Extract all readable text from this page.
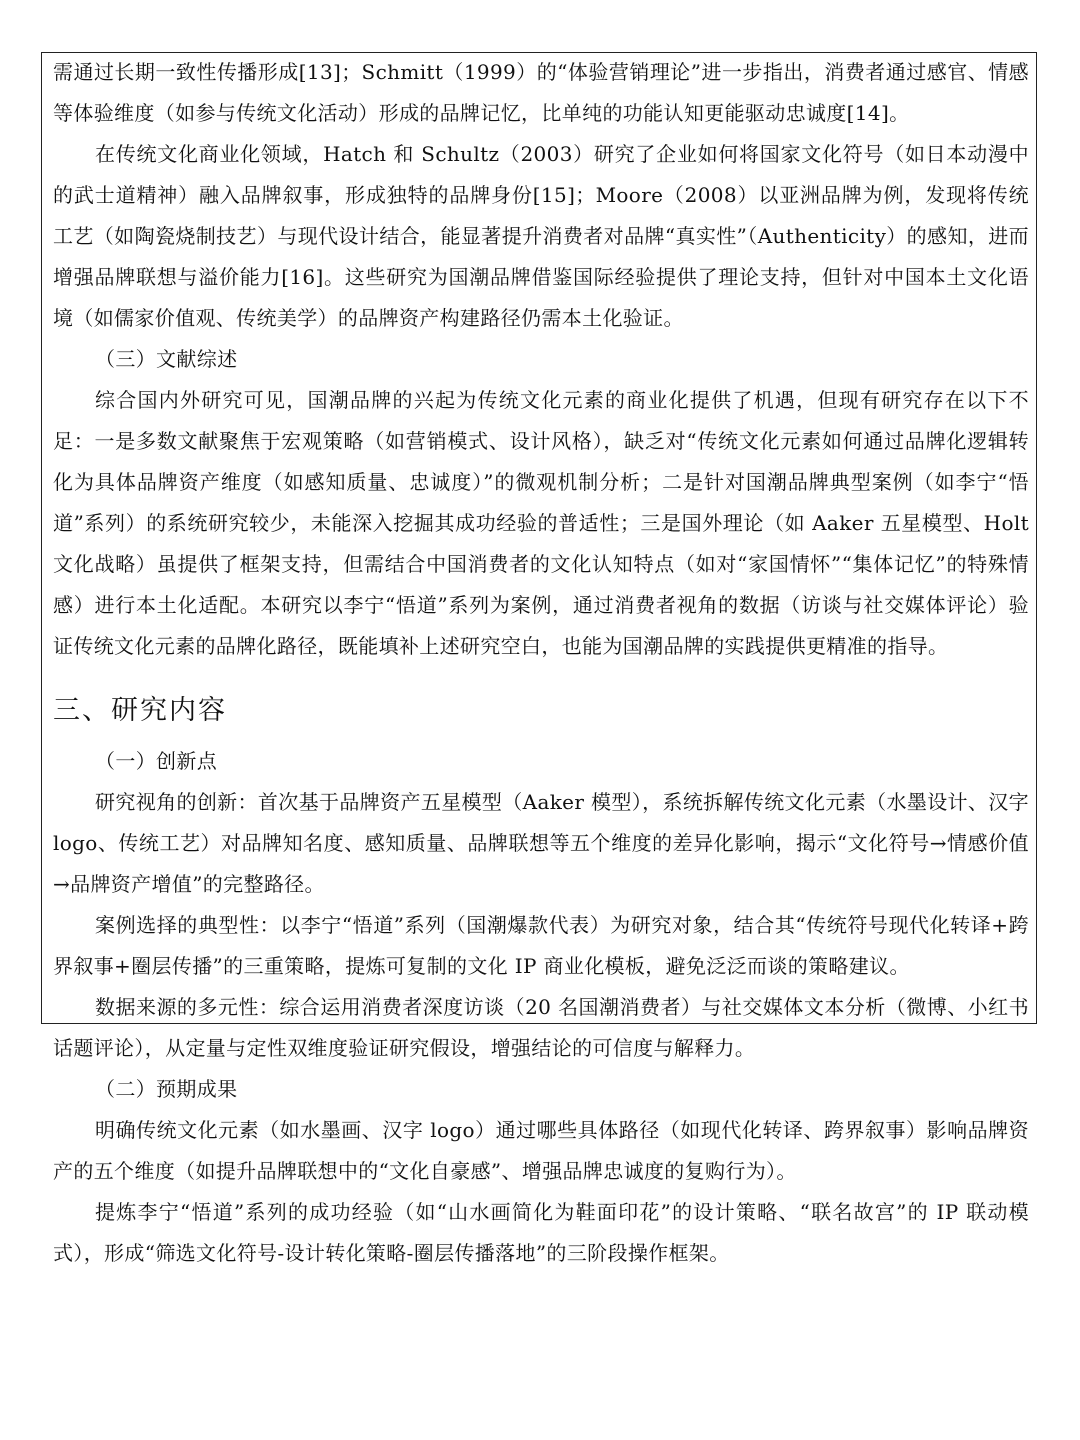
需通过长期一致性传播形成[13]；Schmitt（1999）的“体验营销理论”进一步指出，消费者通过感官、情感等体验维度（如参与传统文化活动）形成的品牌记忆，比单纯的功能认知更能驱动忠诚度[14]。

在传统文化商业化领域，Hatch 和 Schultz（2003）研究了企业如何将国家文化符号（如日本动漫中的武士道精神）融入品牌叙事，形成独特的品牌身份[15]；Moore（2008）以亚洲品牌为例，发现将传统工艺（如陶瓷烧制技艺）与现代设计结合，能显著提升消费者对品牌“真实性”（Authenticity）的感知，进而增强品牌联想与溢价能力[16]。这些研究为国潮品牌借鉴国际经验提供了理论支持，但针对中国本土文化语境（如儒家价值观、传统美学）的品牌资产构建路径仍需本土化验证。

（三）文献综述

综合国内外研究可见，国潮品牌的兴起为传统文化元素的商业化提供了机遇，但现有研究存在以下不足：一是多数文献聚焦于宏观策略（如营销模式、设计风格），缺乏对“传统文化元素如何通过品牌化逻辑转化为具体品牌资产维度（如感知质量、忠诚度）”的微观机制分析；二是针对国潮品牌典型案例（如李宁“悟道”系列）的系统研究较少，未能深入挖掘其成功经验的普适性；三是国外理论（如 Aaker 五星模型、Holt 文化战略）虽提供了框架支持，但需结合中国消费者的文化认知特点（如对“家国情怀”“集体记忆”的特殊情感）进行本土化适配。本研究以李宁“悟道”系列为案例，通过消费者视角的数据（访谈与社交媒体评论）验证传统文化元素的品牌化路径，既能填补上述研究空白，也能为国潮品牌的实践提供更精准的指导。

三、研究内容

（一）创新点

研究视角的创新：首次基于品牌资产五星模型（Aaker 模型），系统拆解传统文化元素（水墨设计、汉字 logo、传统工艺）对品牌知名度、感知质量、品牌联想等五个维度的差异化影响，揭示“文化符号→情感价值→品牌资产增值”的完整路径。

案例选择的典型性：以李宁“悟道”系列（国潮爆款代表）为研究对象，结合其“传统符号现代化转译+跨界叙事+圈层传播”的三重策略，提炼可复制的文化 IP 商业化模板，避免泛泛而谈的策略建议。

数据来源的多元性：综合运用消费者深度访谈（20 名国潮消费者）与社交媒体文本分析（微博、小红书话题评论），从定量与定性双维度验证研究假设，增强结论的可信度与解释力。

（二）预期成果

明确传统文化元素（如水墨画、汉字 logo）通过哪些具体路径（如现代化转译、跨界叙事）影响品牌资产的五个维度（如提升品牌联想中的“文化自豪感”、增强品牌忠诚度的复购行为）。

提炼李宁“悟道”系列的成功经验（如“山水画简化为鞋面印花”的设计策略、“联名故宫”的 IP 联动模式），形成“筛选文化符号-设计转化策略-圈层传播落地”的三阶段操作框架。
